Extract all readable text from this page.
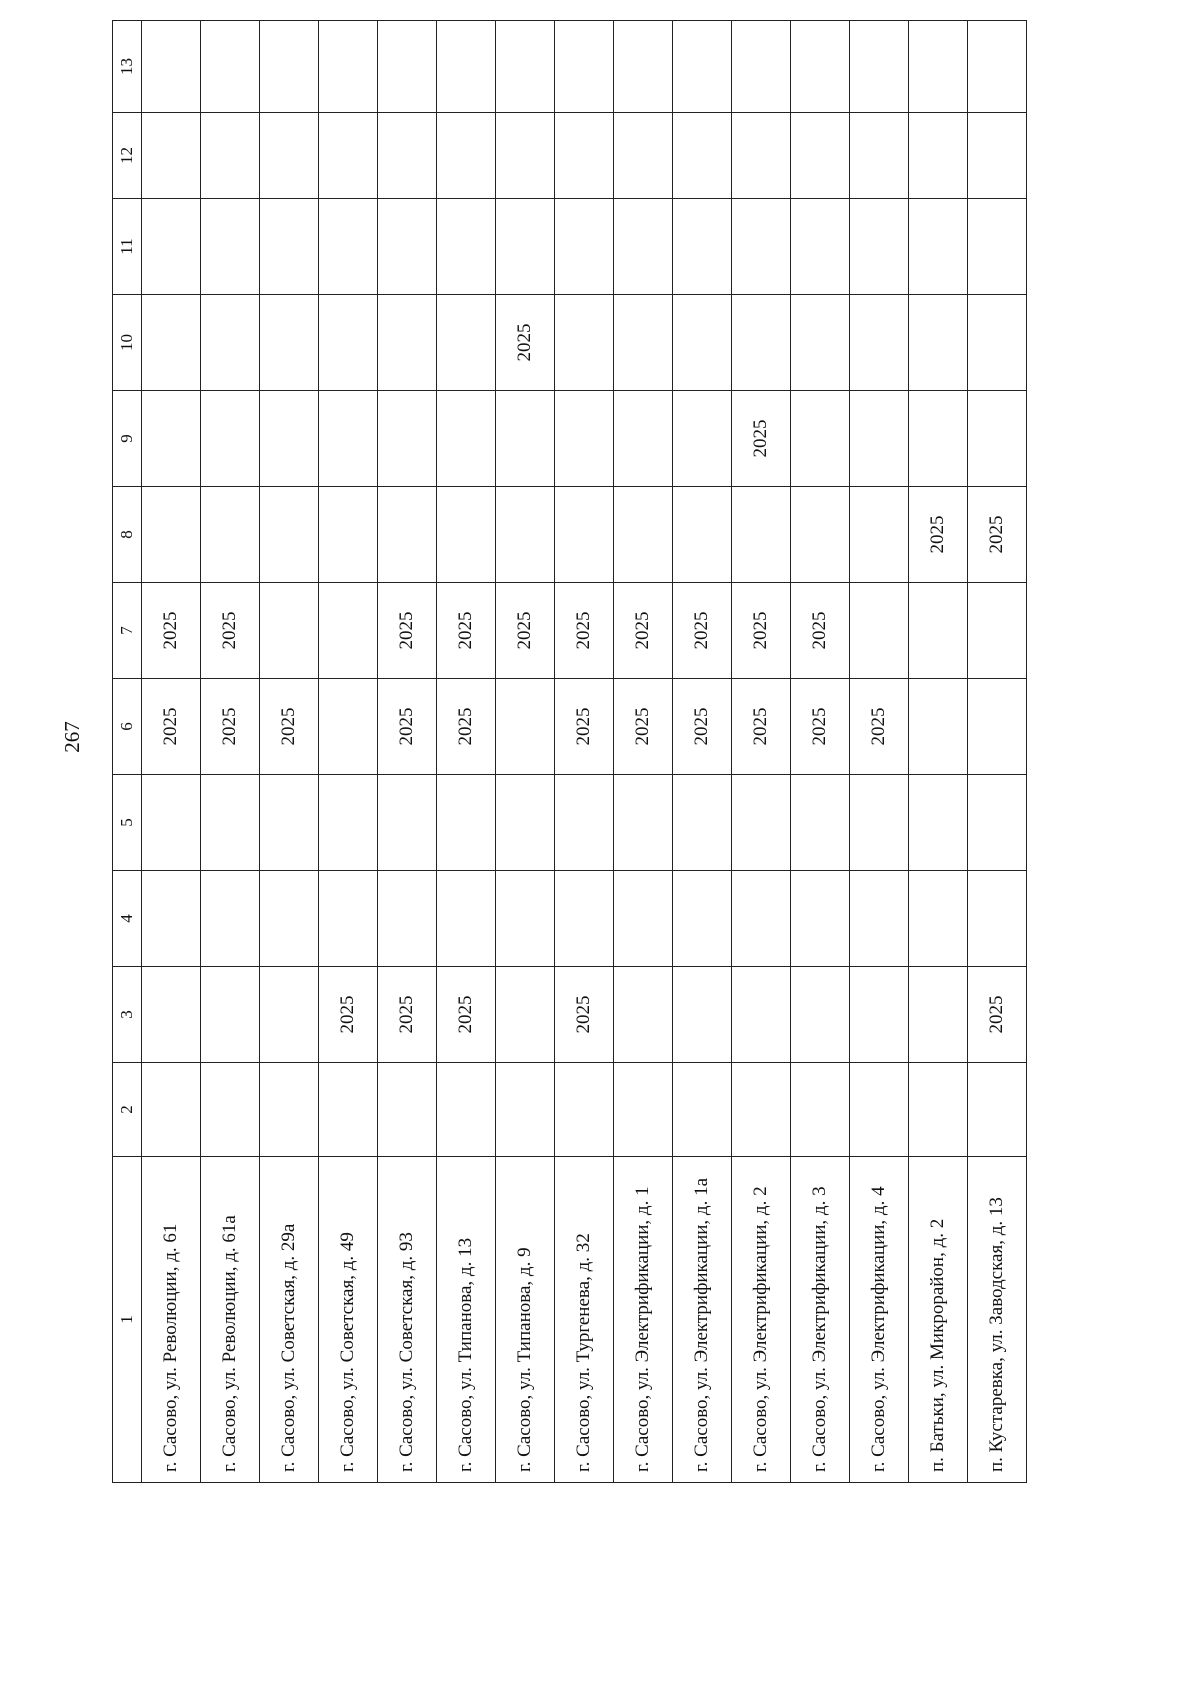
267
1	2	3	4	5	6	7	8	9	10	11	12	13
г. Сасово, ул. Революции, д. 61					2025	2025						
г. Сасово, ул. Революции, д. 61а					2025	2025						
г. Сасово, ул. Советская, д. 29а					2025							
г. Сасово, ул. Советская, д. 49		2025										
г. Сасово, ул. Советская, д. 93		2025			2025	2025						
г. Сасово, ул. Типанова, д. 13		2025			2025	2025						
г. Сасово, ул. Типанова, д. 9						2025			2025			
г. Сасово, ул. Тургенева, д. 32		2025			2025	2025						
г. Сасово, ул. Электрификации, д. 1					2025	2025						
г. Сасово, ул. Электрификации, д. 1а					2025	2025						
г. Сасово, ул. Электрификации, д. 2					2025	2025		2025				
г. Сасово, ул. Электрификации, д. 3					2025	2025						
г. Сасово, ул. Электрификации, д. 4					2025							
п. Батьки, ул. Микрорайон, д. 2							2025					
п. Кустаревка, ул. Заводская, д. 13		2025					2025					
